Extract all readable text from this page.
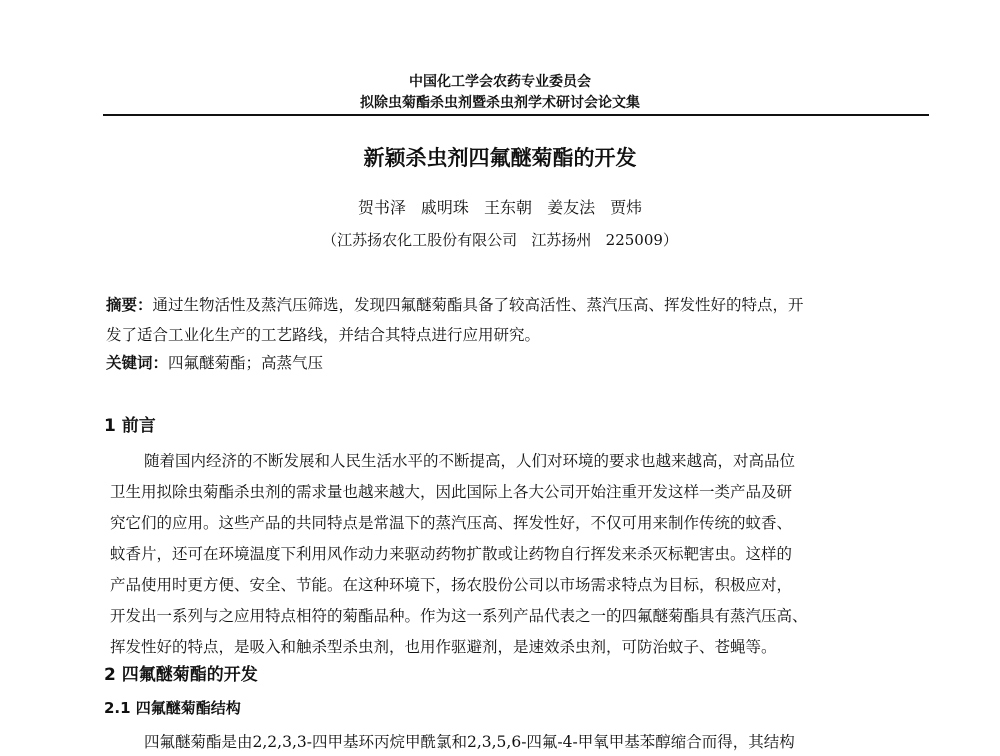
中国化工学会农药专业委员会
拟除虫菊酯杀虫剂暨杀虫剂学术研讨会论文集
新颖杀虫剂四氟醚菊酯的开发
贺书泽 戚明珠 王东朝 姜友法 贾炜
（江苏扬农化工股份有限公司   江苏扬州   225009）
摘要：通过生物活性及蒸汽压筛选，发现四氟醚菊酯具备了较高活性、蒸汽压高、挥发性好的特点，开
发了适合工业化生产的工艺路线，并结合其特点进行应用研究。
关键词：四氟醚菊酯；高蒸气压
1 前言
随着国内经济的不断发展和人民生活水平的不断提高，人们对环境的要求也越来越高，对高品位
卫生用拟除虫菊酯杀虫剂的需求量也越来越大，因此国际上各大公司开始注重开发这样一类产品及研
究它们的应用。这些产品的共同特点是常温下的蒸汽压高、挥发性好，不仅可用来制作传统的蚊香、
蚊香片，还可在环境温度下利用风作动力来驱动药物扩散或让药物自行挥发来杀灭标靶害虫。这样的
产品使用时更方便、安全、节能。在这种环境下，扬农股份公司以市场需求特点为目标，积极应对，
开发出一系列与之应用特点相符的菊酯品种。作为这一系列产品代表之一的四氟醚菊酯具有蒸汽压高、
挥发性好的特点，是吸入和触杀型杀虫剂，也用作驱避剂，是速效杀虫剂，可防治蚊子、苍蝇等。
2 四氟醚菊酯的开发
2.1 四氟醚菊酯结构
四氟醚菊酯是由2,2,3,3-四甲基环丙烷甲酰氯和2,3,5,6-四氟-4-甲氧甲基苯醇缩合而得，其结构
